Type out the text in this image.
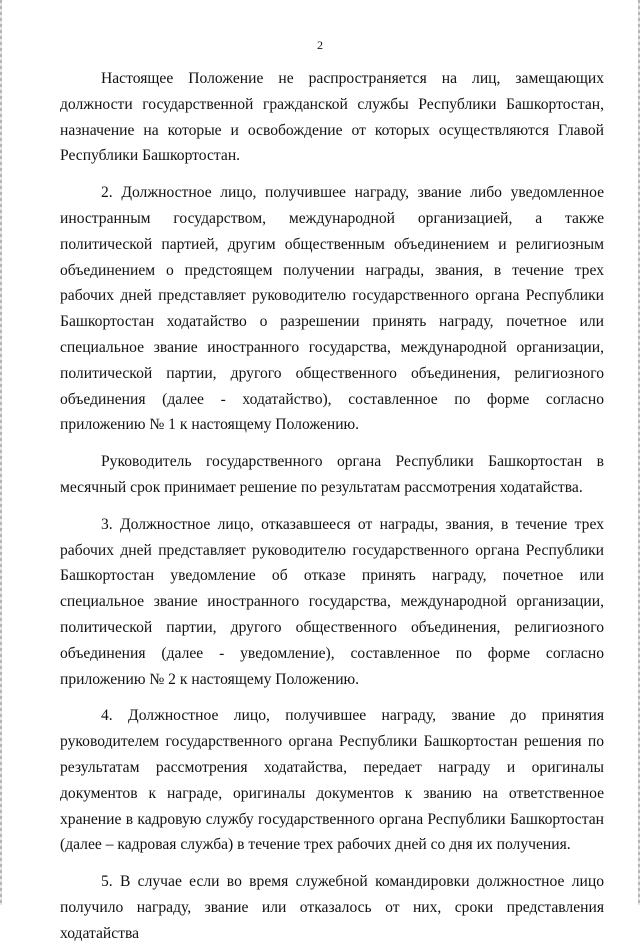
2

Настоящее Положение не распространяется на лиц, замещающих должности государственной гражданской службы Республики Башкортостан, назначение на которые и освобождение от которых осуществляются Главой Республики Башкортостан.

2. Должностное лицо, получившее награду, звание либо уведомленное иностранным государством, международной организацией, а также политической партией, другим общественным объединением и религиозным объединением о предстоящем получении награды, звания, в течение трех рабочих дней представляет руководителю государственного органа Республики Башкортостан ходатайство о разрешении принять награду, почетное или специальное звание иностранного государства, международной организации, политической партии, другого общественного объединения, религиозного объединения (далее - ходатайство), составленное по форме согласно приложению № 1 к настоящему Положению.

Руководитель государственного органа Республики Башкортостан в месячный срок принимает решение по результатам рассмотрения ходатайства.

3. Должностное лицо, отказавшееся от награды, звания, в течение трех рабочих дней представляет руководителю государственного органа Республики Башкортостан уведомление об отказе принять награду, почетное или специальное звание иностранного государства, международной организации, политической партии, другого общественного объединения, религиозного объединения (далее - уведомление), составленное по форме согласно приложению № 2 к настоящему Положению.

4. Должностное лицо, получившее награду, звание до принятия руководителем государственного органа Республики Башкортостан решения по результатам рассмотрения ходатайства, передает награду и оригиналы документов к награде, оригиналы документов к званию на ответственное хранение в кадровую службу государственного органа Республики Башкортостан (далее – кадровая служба) в течение трех рабочих дней со дня их получения.

5. В случае если во время служебной командировки должностное лицо получило награду, звание или отказалось от них, сроки представления ходатайства
